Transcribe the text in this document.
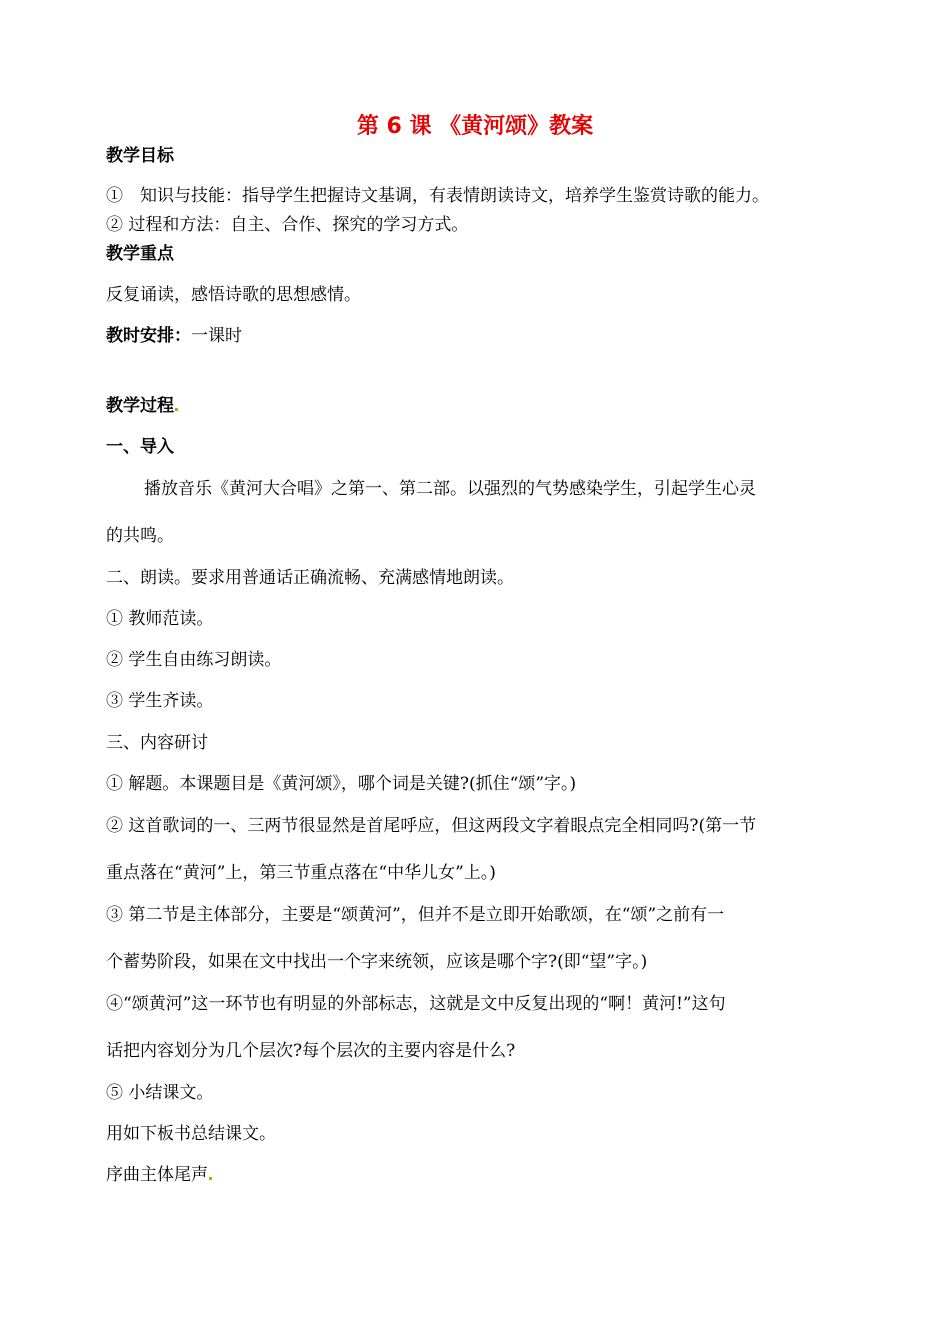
第 6 课 《黄河颂》教案
教学目标
①　知识与技能：指导学生把握诗文基调，有表情朗读诗文，培养学生鉴赏诗歌的能力。
② 过程和方法：自主、合作、探究的学习方式。
教学重点
反复诵读，感悟诗歌的思想感情。
教时安排：一课时
教学过程
一、导入
播放音乐《黄河大合唱》之第一、第二部。以强烈的气势感染学生，引起学生心灵
的共鸣。
二、朗读。要求用普通话正确流畅、充满感情地朗读。
① 教师范读。
② 学生自由练习朗读。
③ 学生齐读。
三、内容研讨
① 解题。本课题目是《黄河颂》，哪个词是关键?(抓住“颂”字。)
② 这首歌词的一、三两节很显然是首尾呼应，但这两段文字着眼点完全相同吗?(第一节
重点落在“黄河”上，第三节重点落在“中华儿女”上。)
③ 第二节是主体部分，主要是“颂黄河”，但并不是立即开始歌颂，在“颂”之前有一
个蓄势阶段，如果在文中找出一个字来统领，应该是哪个字?(即“望”字。)
④“颂黄河”这一环节也有明显的外部标志，这就是文中反复出现的“啊！黄河!”这句
话把内容划分为几个层次?每个层次的主要内容是什么?
⑤ 小结课文。
用如下板书总结课文。
序曲主体尾声
